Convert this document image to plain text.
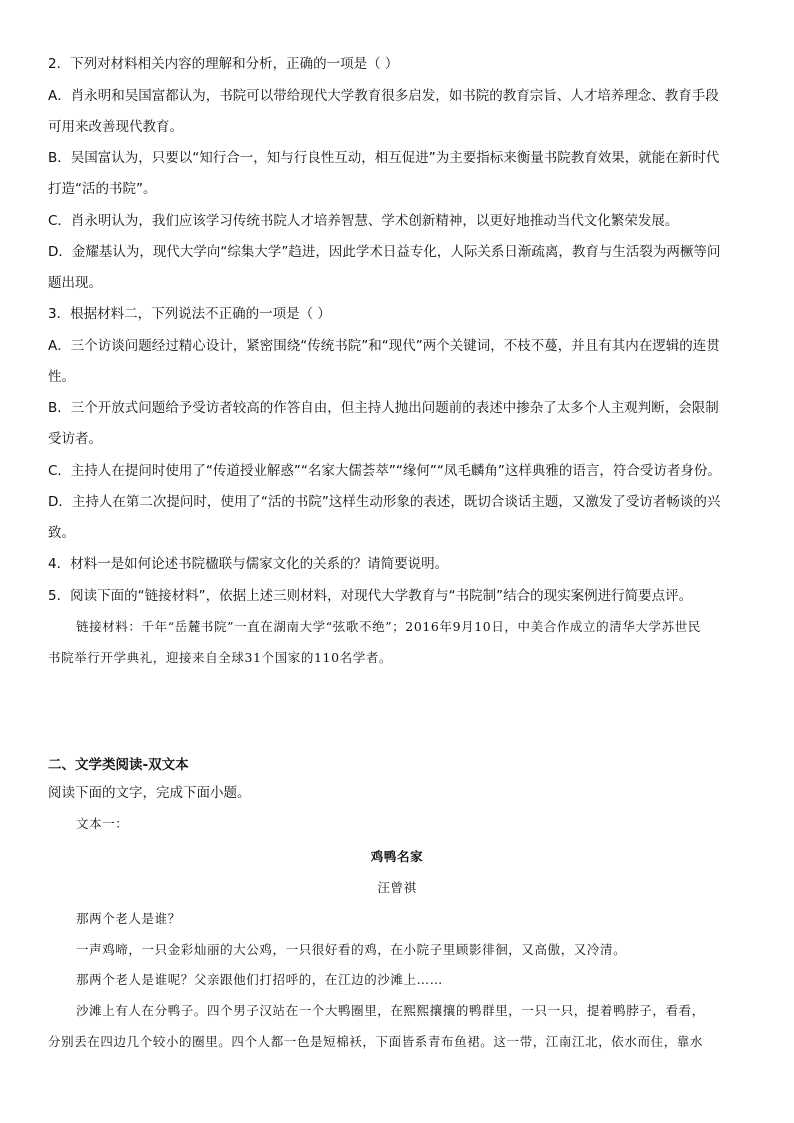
2．下列对材料相关内容的理解和分析，正确的一项是（ ）
A．肖永明和吴国富都认为，书院可以带给现代大学教育很多启发，如书院的教育宗旨、人才培养理念、教育手段
可用来改善现代教育。
B．吴国富认为，只要以“知行合一，知与行良性互动，相互促进”为主要指标来衡量书院教育效果，就能在新时代
打造“活的书院”。
C．肖永明认为，我们应该学习传统书院人才培养智慧、学术创新精神，以更好地推动当代文化繁荣发展。
D．金耀基认为，现代大学向“综集大学”趋进，因此学术日益专化，人际关系日渐疏离，教育与生活裂为两橛等问
题出现。
3．根据材料二，下列说法不正确的一项是（ ）
A．三个访谈问题经过精心设计，紧密围绕“传统书院”和“现代”两个关键词，不枝不蔓，并且有其内在逻辑的连贯
性。
B．三个开放式问题给予受访者较高的作答自由，但主持人抛出问题前的表述中掺杂了太多个人主观判断，会限制
受访者。
C．主持人在提问时使用了“传道授业解惑”“名家大儒荟萃”“缘何”“凤毛麟角”这样典雅的语言，符合受访者身份。
D．主持人在第二次提问时，使用了“活的书院”这样生动形象的表述，既切合谈话主题，又激发了受访者畅谈的兴
致。
4．材料一是如何论述书院楹联与儒家文化的关系的？请简要说明。
5．阅读下面的“链接材料”，依据上述三则材料，对现代大学教育与“书院制”结合的现实案例进行简要点评。
链接材料：千年“岳麓书院”一直在湖南大学“弦歌不绝”；2016年9月10日，中美合作成立的清华大学苏世民
书院举行开学典礼，迎接来自全球31个国家的110名学者。
二、文学类阅读-双文本
阅读下面的文字，完成下面小题。
文本一：
鸡鸭名家
汪曾祺
那两个老人是谁？
一声鸡啼，一只金彩灿丽的大公鸡，一只很好看的鸡，在小院子里顾影徘徊，又高傲，又冷清。
那两个老人是谁呢？父亲跟他们打招呼的，在江边的沙滩上……
沙滩上有人在分鸭子。四个男子汉站在一个大鸭圈里，在熙熙攘攘的鸭群里，一只一只，提着鸭脖子，看看，
分别丢在四边几个较小的圈里。四个人都一色是短棉袄，下面皆系青布鱼裙。这一带，江南江北，依水而住，靠水
